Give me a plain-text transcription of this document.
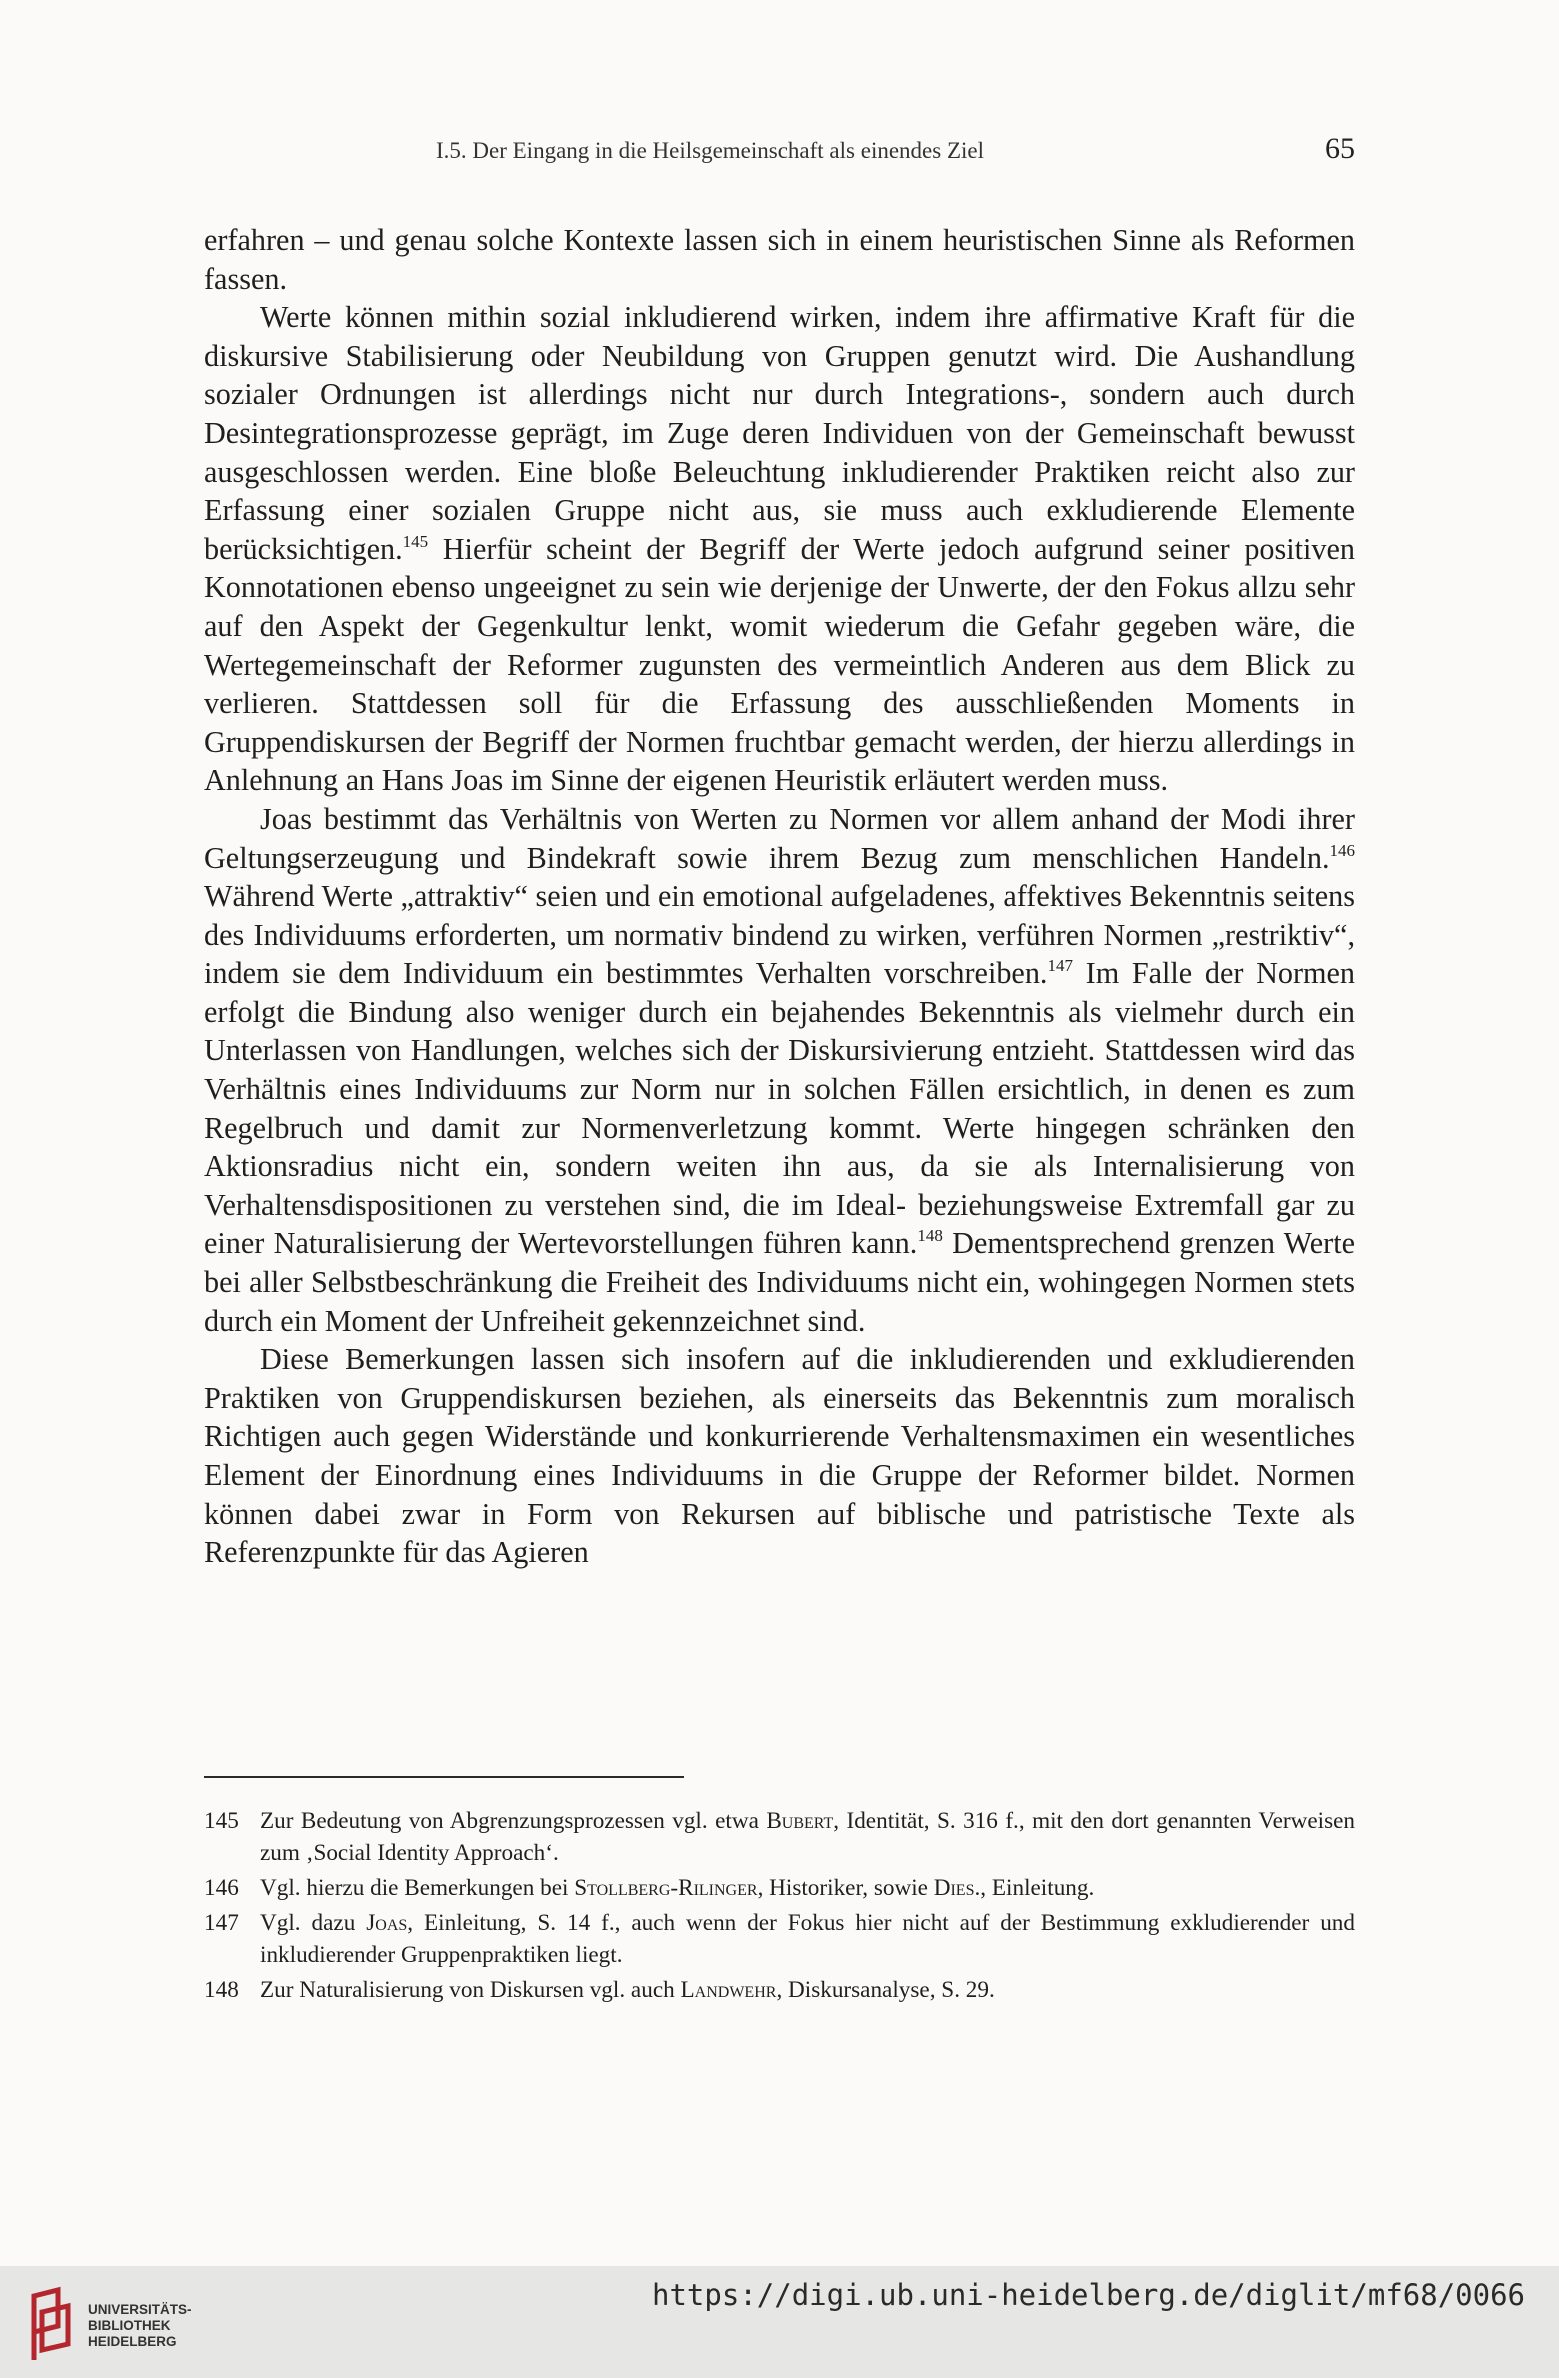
I.5. Der Eingang in die Heilsgemeinschaft als einendes Ziel	65

erfahren – und genau solche Kontexte lassen sich in einem heuristischen Sinne als Reformen fassen.

Werte können mithin sozial inkludierend wirken, indem ihre affirmative Kraft für die diskursive Stabilisierung oder Neubildung von Gruppen genutzt wird. Die Aushandlung sozialer Ordnungen ist allerdings nicht nur durch Integrations-, sondern auch durch Desintegrationsprozesse geprägt, im Zuge deren Individuen von der Gemeinschaft bewusst ausgeschlossen werden. Eine bloße Beleuchtung inkludierender Praktiken reicht also zur Erfassung einer sozialen Gruppe nicht aus, sie muss auch exkludierende Elemente berücksichtigen.$^{145}$ Hierfür scheint der Begriff der Werte jedoch aufgrund seiner positiven Konnotationen ebenso ungeeignet zu sein wie derjenige der Unwerte, der den Fokus allzu sehr auf den Aspekt der Gegenkultur lenkt, womit wiederum die Gefahr gegeben wäre, die Wertegemeinschaft der Reformer zugunsten des vermeintlich Anderen aus dem Blick zu verlieren. Stattdessen soll für die Erfassung des ausschließenden Moments in Gruppendiskursen der Begriff der Normen fruchtbar gemacht werden, der hierzu allerdings in Anlehnung an Hans Joas im Sinne der eigenen Heuristik erläutert werden muss.

Joas bestimmt das Verhältnis von Werten zu Normen vor allem anhand der Modi ihrer Geltungserzeugung und Bindekraft sowie ihrem Bezug zum menschlichen Handeln.$^{146}$ Während Werte „attraktiv“ seien und ein emotional aufgeladenes, affektives Bekenntnis seitens des Individuums erforderten, um normativ bindend zu wirken, verführen Normen „restriktiv“, indem sie dem Individuum ein bestimmtes Verhalten vorschreiben.$^{147}$ Im Falle der Normen erfolgt die Bindung also weniger durch ein bejahendes Bekenntnis als vielmehr durch ein Unterlassen von Handlungen, welches sich der Diskursivierung entzieht. Stattdessen wird das Verhältnis eines Individuums zur Norm nur in solchen Fällen ersichtlich, in denen es zum Regelbruch und damit zur Normenverletzung kommt. Werte hingegen schränken den Aktionsradius nicht ein, sondern weiten ihn aus, da sie als Internalisierung von Verhaltensdispositionen zu verstehen sind, die im Ideal- beziehungsweise Extremfall gar zu einer Naturalisierung der Wertevorstellungen führen kann.$^{148}$ Dementsprechend grenzen Werte bei aller Selbstbeschränkung die Freiheit des Individuums nicht ein, wohingegen Normen stets durch ein Moment der Unfreiheit gekennzeichnet sind.

Diese Bemerkungen lassen sich insofern auf die inkludierenden und exkludierenden Praktiken von Gruppendiskursen beziehen, als einerseits das Bekenntnis zum moralisch Richtigen auch gegen Widerstände und konkurrierende Verhaltensmaximen ein wesentliches Element der Einordnung eines Individuums in die Gruppe der Reformer bildet. Normen können dabei zwar in Form von Rekursen auf biblische und patristische Texte als Referenzpunkte für das Agieren

145 Zur Bedeutung von Abgrenzungsprozessen vgl. etwa Bubert, Identität, S. 316 f., mit den dort genannten Verweisen zum ‚Social Identity Approach‘.
146 Vgl. hierzu die Bemerkungen bei Stollberg-Rilinger, Historiker, sowie Dies., Einleitung.
147 Vgl. dazu Joas, Einleitung, S. 14 f., auch wenn der Fokus hier nicht auf der Bestimmung exkludierender und inkludierender Gruppenpraktiken liegt.
148 Zur Naturalisierung von Diskursen vgl. auch Landwehr, Diskursanalyse, S. 29.
UNIVERSITÄTS-
BIBLIOTHEK
HEIDELBERG
https://digi.ub.uni-heidelberg.de/diglit/mf68/0066
